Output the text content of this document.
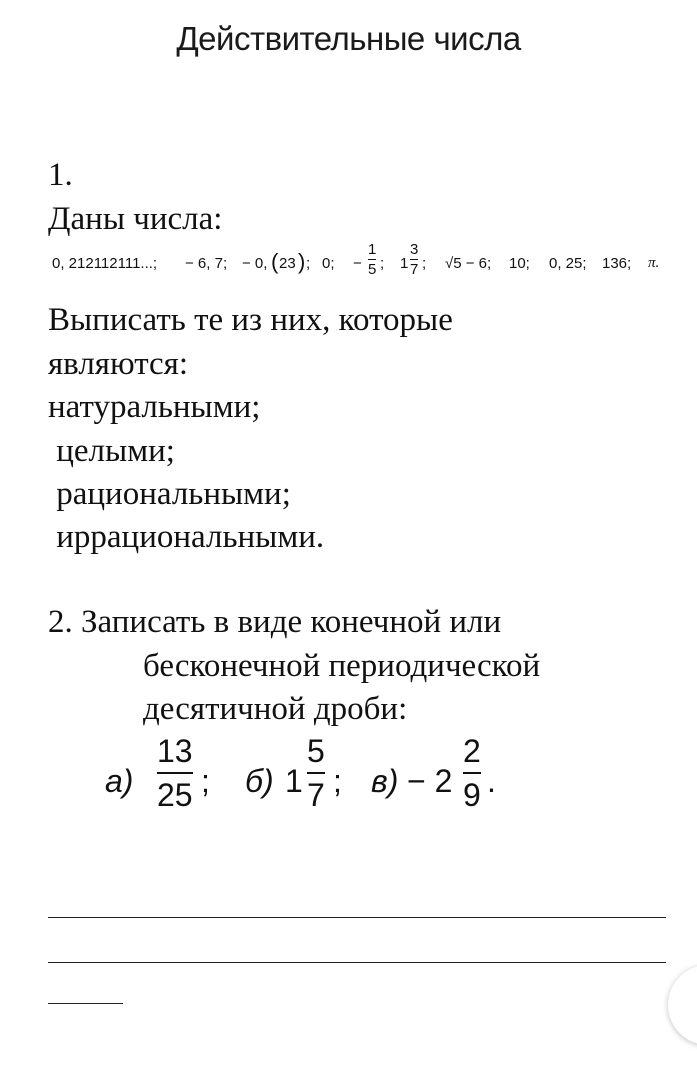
Действительные числа
1.
Даны числа:
0, 212112111...; − 6, 7; − 0, ( 23 ) ; 0; −
1
5 ; 1
3
7 ; √5 − 6; 10; 0, 25; 136; π.
Выписать те из них, которые
являются:
натуральными;
целыми;
рациональными;
иррациональными.
2. Записать в виде конечной или
бесконечной периодической
десятичной дроби:
а)
13
25 ; б) 1
5
7 ; в) − 2
2
9 .
